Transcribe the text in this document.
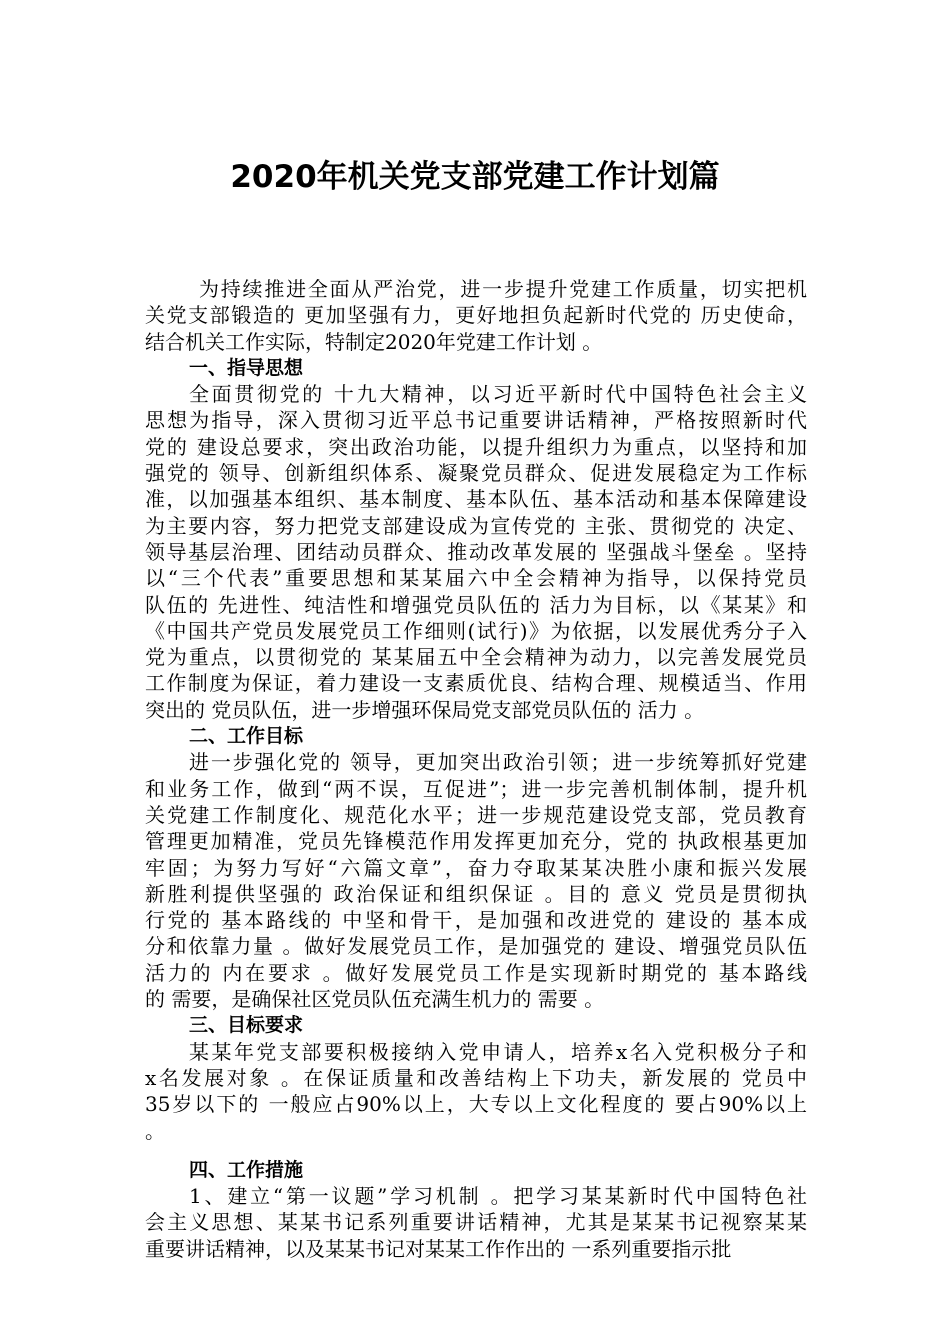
2020年机关党支部党建工作计划篇
为持续推进全面从严治党，进一步提升党建工作质量，切实把机
关党支部锻造的 更加坚强有力，更好地担负起新时代党的 历史使命，
结合机关工作实际，特制定2020年党建工作计划 。
一、指导思想
全面贯彻党的 十九大精神，以习近平新时代中国特色社会主义
思想为指导，深入贯彻习近平总书记重要讲话精神，严格按照新时代
党的 建设总要求，突出政治功能，以提升组织力为重点，以坚持和加
强党的 领导、创新组织体系、凝聚党员群众、促进发展稳定为工作标
准，以加强基本组织、基本制度、基本队伍、基本活动和基本保障建设
为主要内容，努力把党支部建设成为宣传党的 主张、贯彻党的 决定、
领导基层治理、团结动员群众、推动改革发展的 坚强战斗堡垒 。坚持
以“三个代表”重要思想和某某届六中全会精神为指导，以保持党员
队伍的 先进性、纯洁性和增强党员队伍的 活力为目标，以《某某》和
《中国共产党员发展党员工作细则(试行)》为依据，以发展优秀分子入
党为重点，以贯彻党的 某某届五中全会精神为动力，以完善发展党员
工作制度为保证，着力建设一支素质优良、结构合理、规模适当、作用
突出的 党员队伍，进一步增强环保局党支部党员队伍的 活力 。
二、工作目标
进一步强化党的 领导，更加突出政治引领；进一步统筹抓好党建
和业务工作，做到“两不误，互促进”；进一步完善机制体制，提升机
关党建工作制度化、规范化水平；进一步规范建设党支部，党员教育
管理更加精准，党员先锋模范作用发挥更加充分，党的 执政根基更加
牢固；为努力写好“六篇文章”，奋力夺取某某决胜小康和振兴发展
新胜利提供坚强的 政治保证和组织保证 。目的 意义 党员是贯彻执
行党的 基本路线的 中坚和骨干，是加强和改进党的 建设的 基本成
分和依靠力量 。做好发展党员工作，是加强党的 建设、增强党员队伍
活力的 内在要求 。做好发展党员工作是实现新时期党的 基本路线
的 需要，是确保社区党员队伍充满生机力的 需要 。
三、目标要求
某某年党支部要积极接纳入党申请人，培养x名入党积极分子和
x名发展对象 。在保证质量和改善结构上下功夫，新发展的 党员中
35岁以下的 一般应占90%以上，大专以上文化程度的 要占90%以上
。
四、工作措施
1、建立“第一议题”学习机制 。把学习某某新时代中国特色社
会主义思想、某某书记系列重要讲话精神，尤其是某某书记视察某某
重要讲话精神，以及某某书记对某某工作作出的 一系列重要指示批
